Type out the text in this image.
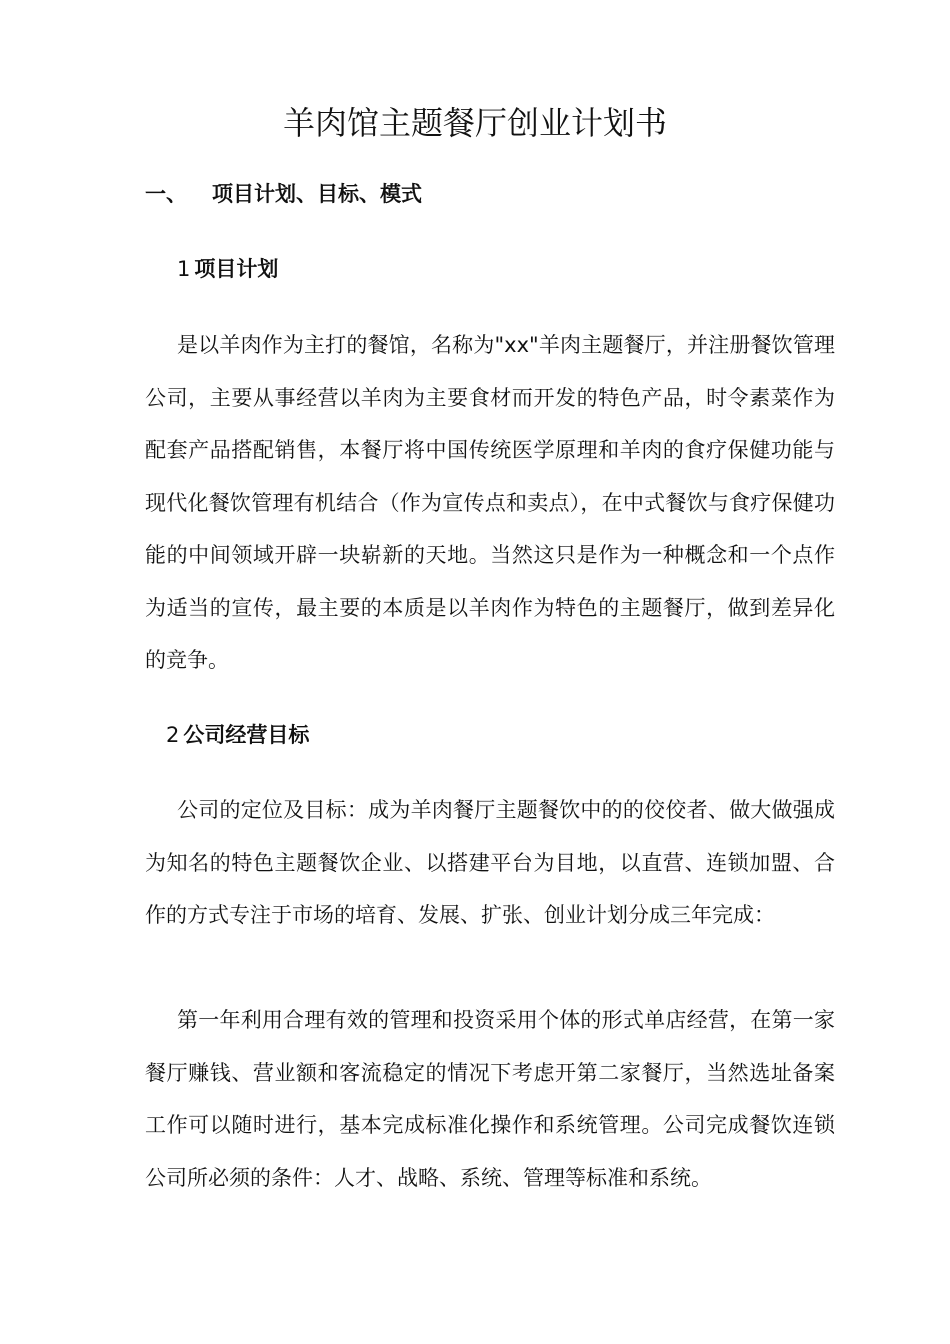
羊肉馆主题餐厅创业计划书
一、 项目计划、目标、模式
1 项目计划

是以羊肉作为主打的餐馆，名称为"xx"羊肉主题餐厅，并注册餐饮管理公司，主要从事经营以羊肉为主要食材而开发的特色产品，时令素菜作为配套产品搭配销售，本餐厅将中国传统医学原理和羊肉的食疗保健功能与现代化餐饮管理有机结合（作为宣传点和卖点），在中式餐饮与食疗保健功能的中间领域开辟一块崭新的天地。当然这只是作为一种概念和一个点作为适当的宣传，最主要的本质是以羊肉作为特色的主题餐厅，做到差异化的竞争。

2 公司经营目标

公司的定位及目标：成为羊肉餐厅主题餐饮中的的佼佼者、做大做强成为知名的特色主题餐饮企业、以搭建平台为目地，以直营、连锁加盟、合作的方式专注于市场的培育、发展、扩张、创业计划分成三年完成：

第一年利用合理有效的管理和投资采用个体的形式单店经营，在第一家餐厅赚钱、营业额和客流稳定的情况下考虑开第二家餐厅，当然选址备案工作可以随时进行，基本完成标准化操作和系统管理。公司完成餐饮连锁公司所必须的条件：人才、战略、系统、管理等标准和系统。
